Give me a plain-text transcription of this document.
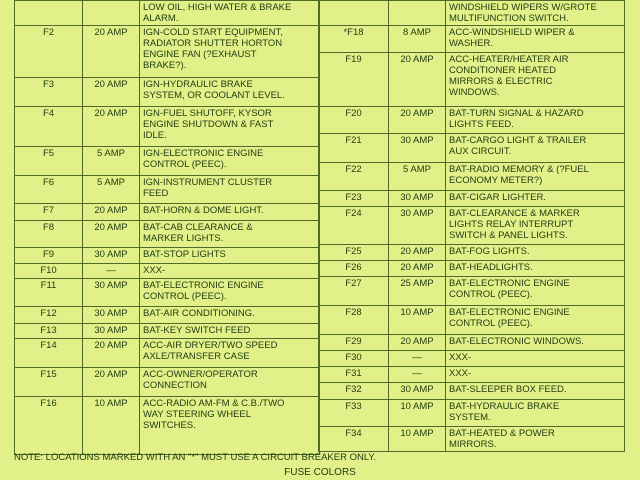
		LOW OIL, HIGH WATER & BRAKE
ALARM.
F2	20 AMP	IGN-COLD START EQUIPMENT,
RADIATOR SHUTTER HORTON
ENGINE FAN (?EXHAUST
BRAKE?).
F3	20 AMP	IGN-HYDRAULIC BRAKE
SYSTEM, OR COOLANT LEVEL.
F4	20 AMP	IGN-FUEL SHUTOFF, KYSOR
ENGINE SHUTDOWN & FAST
IDLE.
F5	5 AMP	IGN-ELECTRONIC ENGINE
CONTROL (PEEC).
F6	5 AMP	IGN-INSTRUMENT CLUSTER
FEED
F7	20 AMP	BAT-HORN & DOME LIGHT.
F8	20 AMP	BAT-CAB CLEARANCE &
MARKER LIGHTS.
F9	30 AMP	BAT-STOP LIGHTS
F10	—	XXX-
F11	30 AMP	BAT-ELECTRONIC ENGINE
CONTROL (PEEC).
F12	30 AMP	BAT-AIR CONDITIONING.
F13	30 AMP	BAT-KEY SWITCH FEED
F14	20 AMP	ACC-AIR DRYER/TWO SPEED
AXLE/TRANSFER CASE
F15	20 AMP	ACC-OWNER/OPERATOR
CONNECTION
F16	10 AMP	ACC-RADIO AM-FM & C.B./TWO
WAY STEERING WHEEL
SWITCHES.
		WINDSHIELD WIPERS W/GROTE
MULTIFUNCTION SWITCH.
*F18	8 AMP	ACC-WINDSHIELD WIPER &
WASHER.
F19	20 AMP	ACC-HEATER/HEATER AIR
CONDITIONER HEATED
MIRRORS & ELECTRIC
WINDOWS.
F20	20 AMP	BAT-TURN SIGNAL & HAZARD
LIGHTS FEED.
F21	30 AMP	BAT-CARGO LIGHT & TRAILER
AUX CIRCUIT.
F22	5 AMP	BAT-RADIO MEMORY & (?FUEL
ECONOMY METER?)
F23	30 AMP	BAT-CIGAR LIGHTER.
F24	30 AMP	BAT-CLEARANCE & MARKER
LIGHTS RELAY INTERRUPT
SWITCH & PANEL LIGHTS.
F25	20 AMP	BAT-FOG LIGHTS.
F26	20 AMP	BAT-HEADLIGHTS.
F27	25 AMP	BAT-ELECTRONIC ENGINE
CONTROL (PEEC).
F28	10 AMP	BAT-ELECTRONIC ENGINE
CONTROL (PEEC).
F29	20 AMP	BAT-ELECTRONIC WINDOWS.
F30	—	XXX-
F31	—	XXX-
F32	30 AMP	BAT-SLEEPER BOX FEED.
F33	10 AMP	BAT-HYDRAULIC BRAKE
SYSTEM.
F34	10 AMP	BAT-HEATED & POWER
MIRRORS.
NOTE: LOCATIONS MARKED WITH AN "*" MUST USE A CIRCUIT BREAKER ONLY.
FUSE COLORS
